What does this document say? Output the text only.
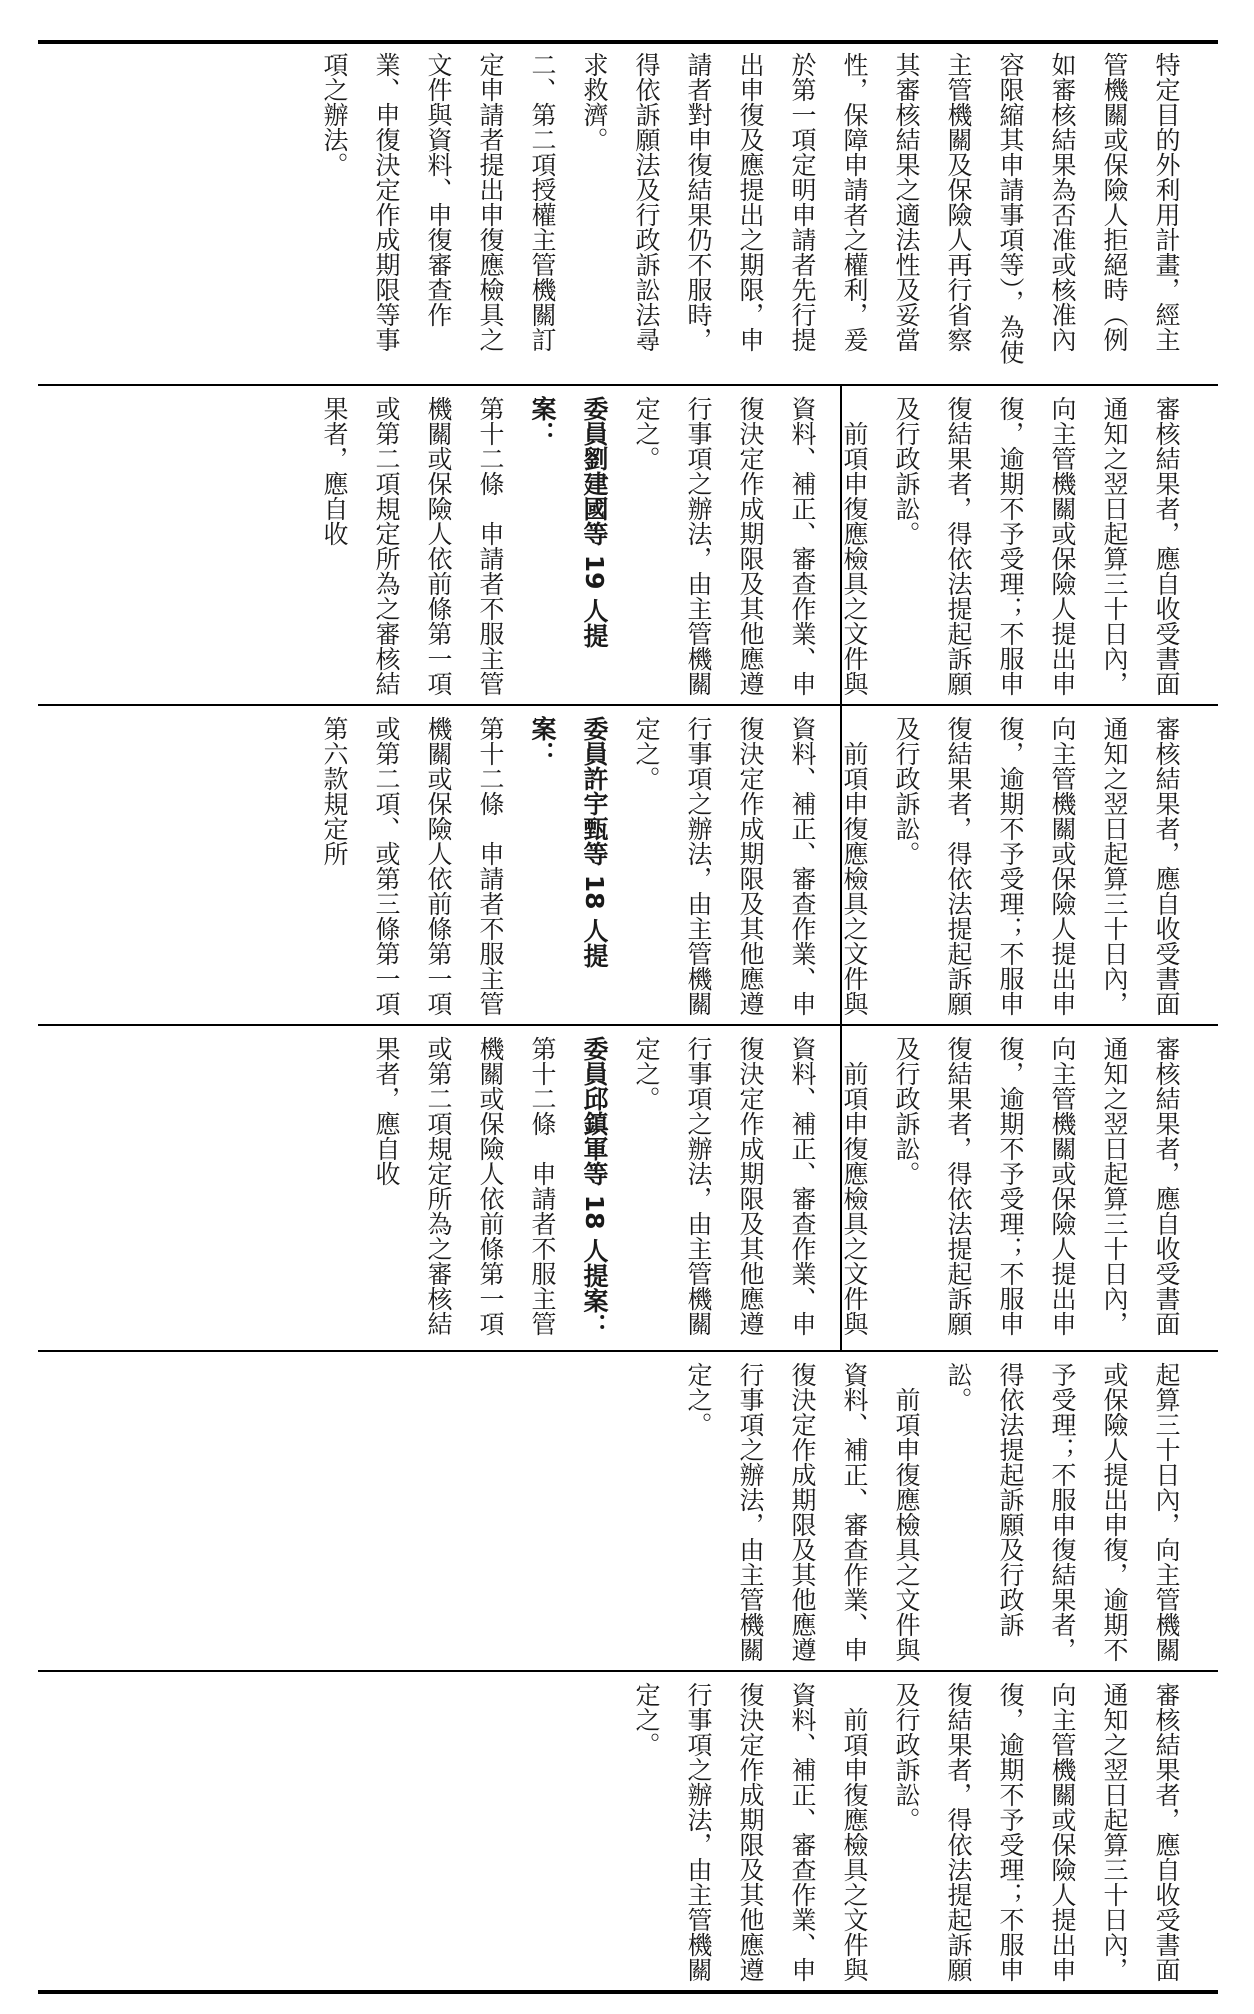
特定目的外利用計畫，經主管機關或保險人拒絕時（例如審核結果為否准或核准內容限縮其申請事項等），為使主管機關及保險人再行省察其審核結果之適法性及妥當性，保障申請者之權利，爰於第一項定明申請者先行提出申復及應提出之期限，申請者對申復結果仍不服時，得依訴願法及行政訴訟法尋求救濟。

二、第二項授權主管機關訂定申請者提出申復應檢具之文件與資料、申復審查作業、申復決定作成期限等事項之辦法。

審核結果者，應自收受書面通知之翌日起算三十日內，向主管機關或保險人提出申復，逾期不予受理；不服申復結果者，得依法提起訴願及行政訴訟。

　前項申復應檢具之文件與資料、補正、審查作業、申復決定作成期限及其他應遵行事項之辦法，由主管機關定之。

委員劉建國等 19 人提案：

第十二條　申請者不服主管機關或保險人依前條第一項或第二項規定所為之審核結果者，應自收

審核結果者，應自收受書面通知之翌日起算三十日內，向主管機關或保險人提出申復，逾期不予受理；不服申復結果者，得依法提起訴願及行政訴訟。

　前項申復應檢具之文件與資料、補正、審查作業、申復決定作成期限及其他應遵行事項之辦法，由主管機關定之。

委員許宇甄等 18 人提案：

第十二條　申請者不服主管機關或保險人依前條第一項或第二項、或第三條第一項第六款規定所

審核結果者，應自收受書面通知之翌日起算三十日內，向主管機關或保險人提出申復，逾期不予受理；不服申復結果者，得依法提起訴願及行政訴訟。

　前項申復應檢具之文件與資料、補正、審查作業、申復決定作成期限及其他應遵行事項之辦法，由主管機關定之。

委員邱鎮軍等 18 人提案：

第十二條　申請者不服主管機關或保險人依前條第一項或第二項規定所為之審核結果者，應自收

起算三十日內，向主管機關或保險人提出申復，逾期不予受理；不服申復結果者，得依法提起訴願及行政訴訟。

　前項申復應檢具之文件與資料、補正、審查作業、申復決定作成期限及其他應遵行事項之辦法，由主管機關定之。

審核結果者，應自收受書面通知之翌日起算三十日內，向主管機關或保險人提出申復，逾期不予受理；不服申復結果者，得依法提起訴願及行政訴訟。

　前項申復應檢具之文件與資料、補正、審查作業、申復決定作成期限及其他應遵行事項之辦法，由主管機關定之。
